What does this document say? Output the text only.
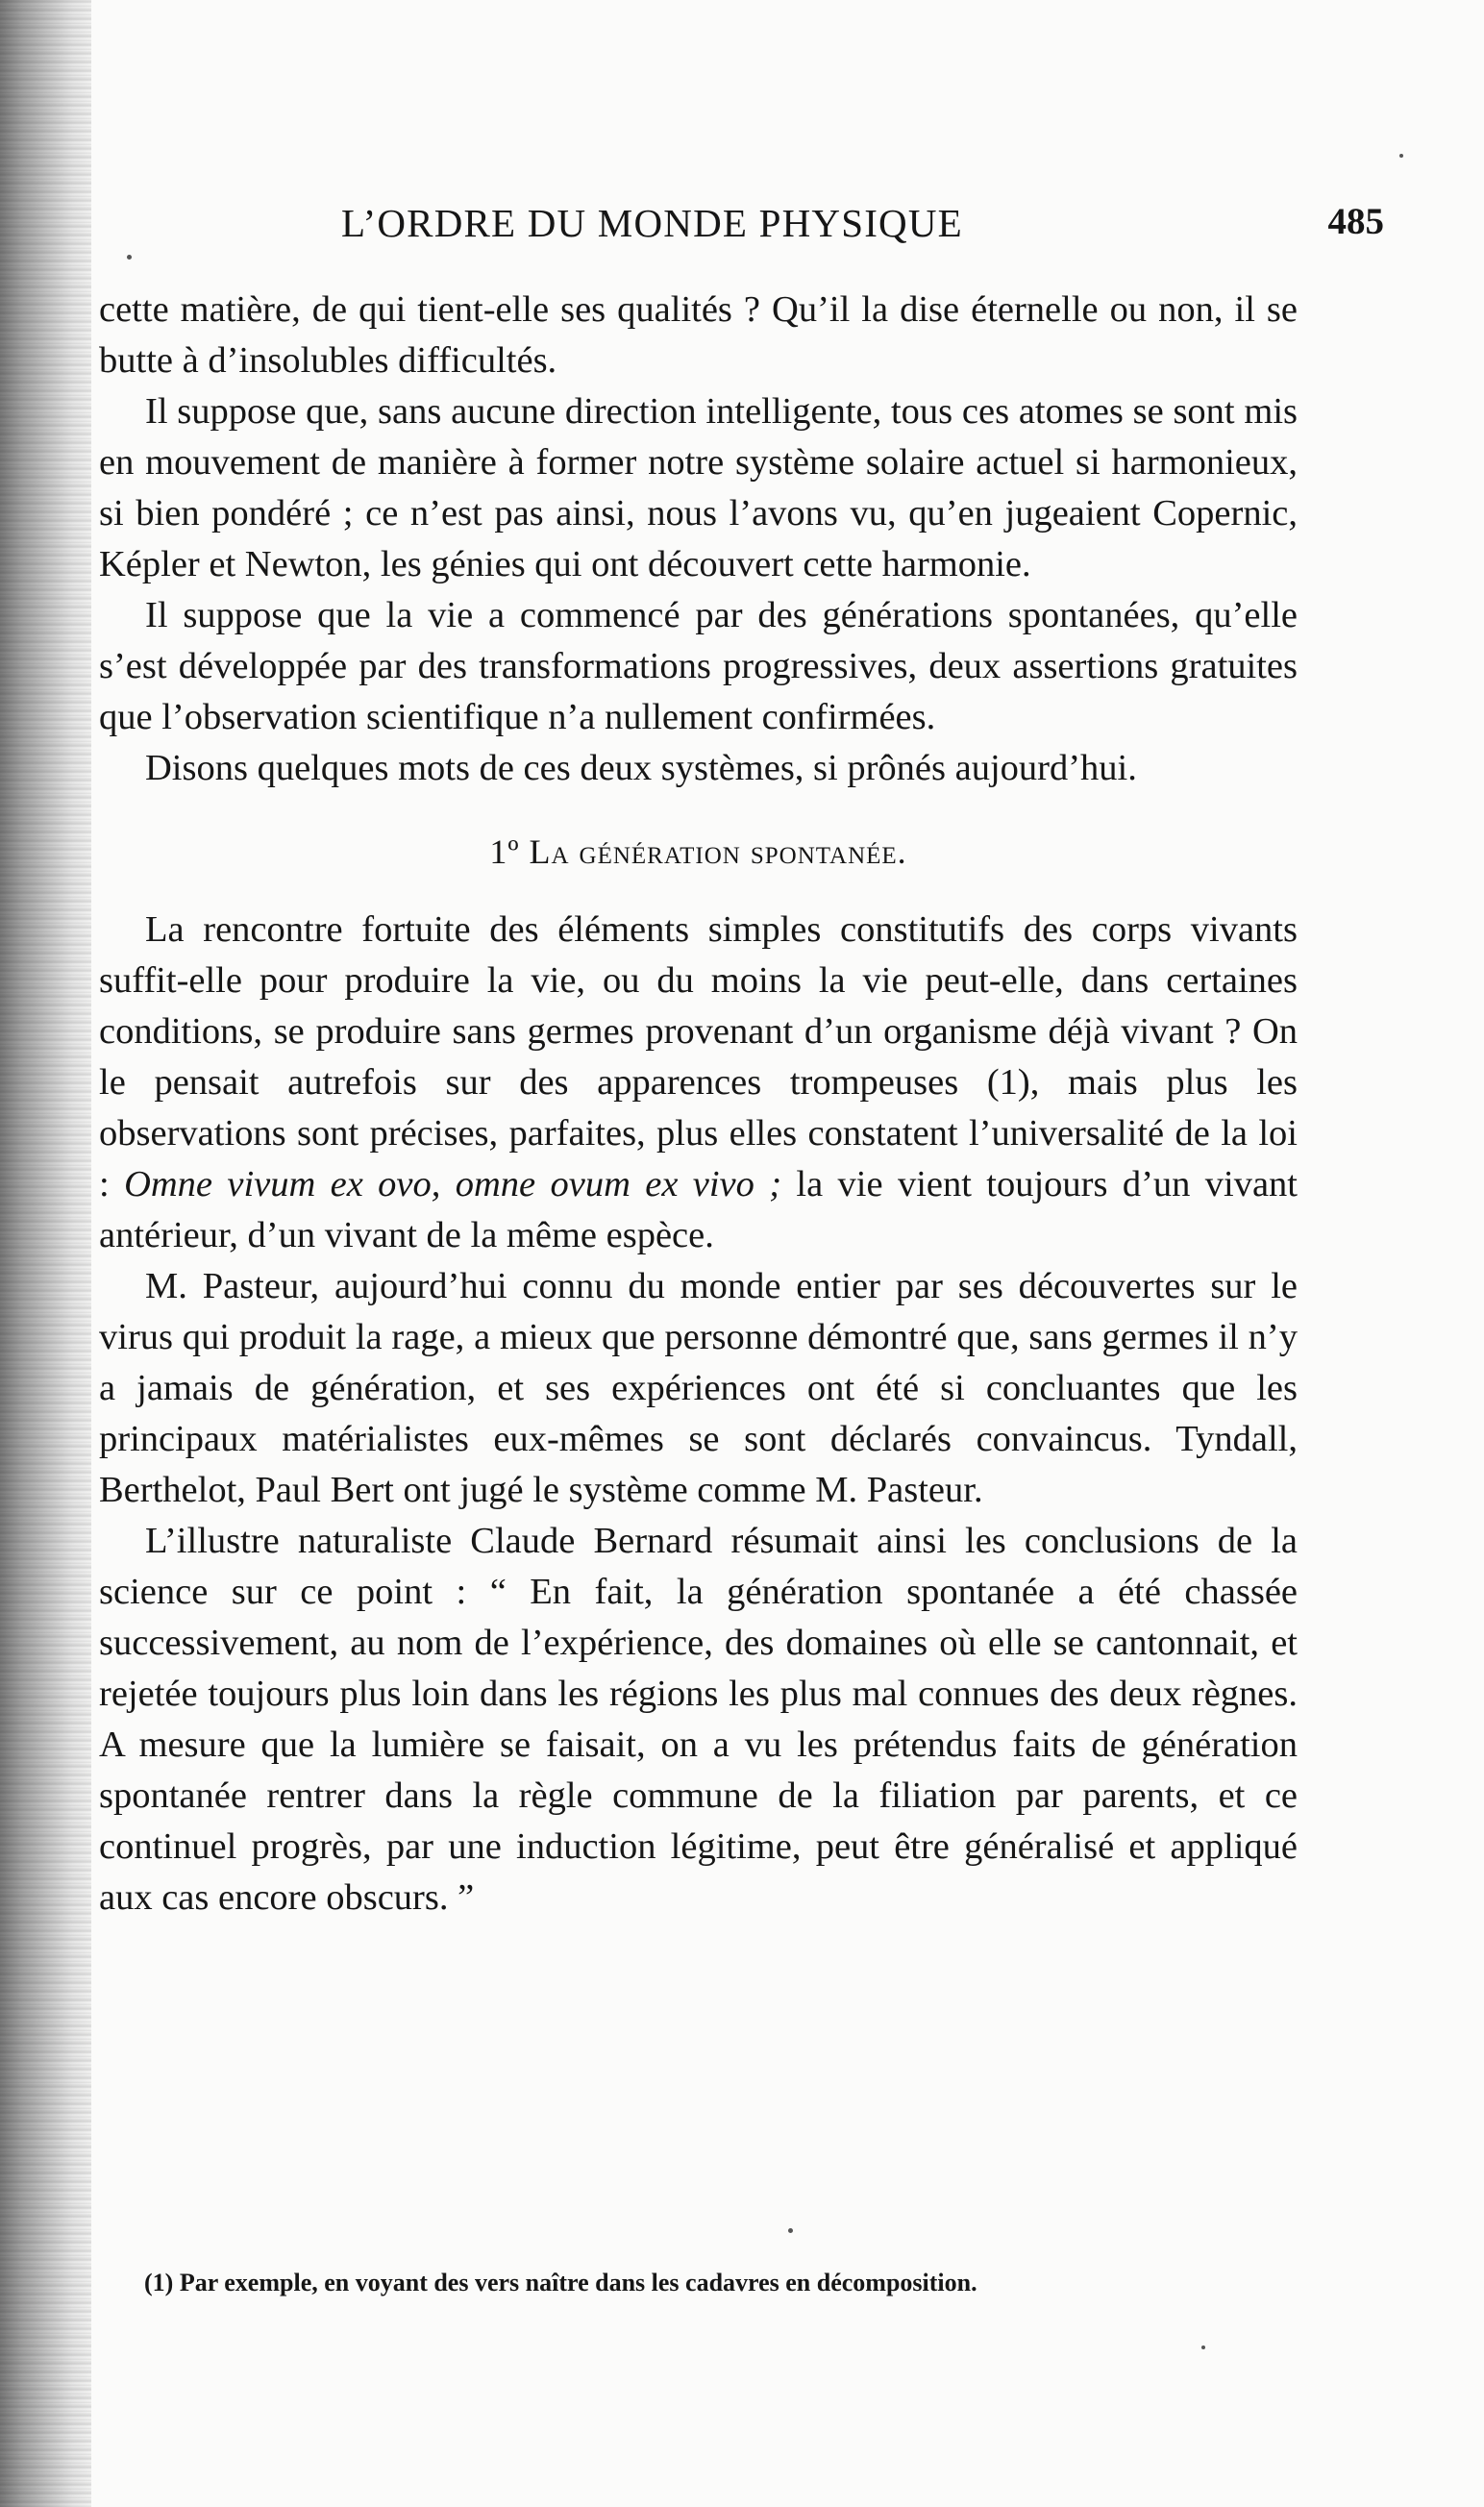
L’ORDRE DU MONDE PHYSIQUE	485

cette matière, de qui tient-elle ses qualités ? Qu’il la dise éternelle ou non, il se butte à d’insolubles difficultés.

Il suppose que, sans aucune direction intelligente, tous ces atomes se sont mis en mouvement de manière à former notre système solaire actuel si harmonieux, si bien pondéré ; ce n’est pas ainsi, nous l’avons vu, qu’en jugeaient Copernic, Képler et Newton, les génies qui ont découvert cette harmonie.

Il suppose que la vie a commencé par des générations spontanées, qu’elle s’est développée par des transformations progressives, deux assertions gratuites que l’observation scientifique n’a nullement confirmées.

Disons quelques mots de ces deux systèmes, si prônés aujourd’hui.

1º La génération spontanée.

La rencontre fortuite des éléments simples constitutifs des corps vivants suffit-elle pour produire la vie, ou du moins la vie peut-elle, dans certaines conditions, se produire sans germes provenant d’un organisme déjà vivant ? On le pensait autrefois sur des apparences trompeuses (1), mais plus les observations sont précises, parfaites, plus elles constatent l’universalité de la loi : Omne vivum ex ovo, omne ovum ex vivo ; la vie vient toujours d’un vivant antérieur, d’un vivant de la même espèce.

M. Pasteur, aujourd’hui connu du monde entier par ses découvertes sur le virus qui produit la rage, a mieux que personne démontré que, sans germes il n’y a jamais de génération, et ses expériences ont été si concluantes que les principaux matérialistes eux-mêmes se sont déclarés convaincus. Tyndall, Berthelot, Paul Bert ont jugé le système comme M. Pasteur.

L’illustre naturaliste Claude Bernard résumait ainsi les conclusions de la science sur ce point : “ En fait, la génération spontanée a été chassée successivement, au nom de l’expérience, des domaines où elle se cantonnait, et rejetée toujours plus loin dans les régions les plus mal connues des deux règnes. A mesure que la lumière se faisait, on a vu les prétendus faits de génération spontanée rentrer dans la règle commune de la filiation par parents, et ce continuel progrès, par une induction légitime, peut être généralisé et appliqué aux cas encore obscurs. ”

(1) Par exemple, en voyant des vers naître dans les cadavres en décomposition.
